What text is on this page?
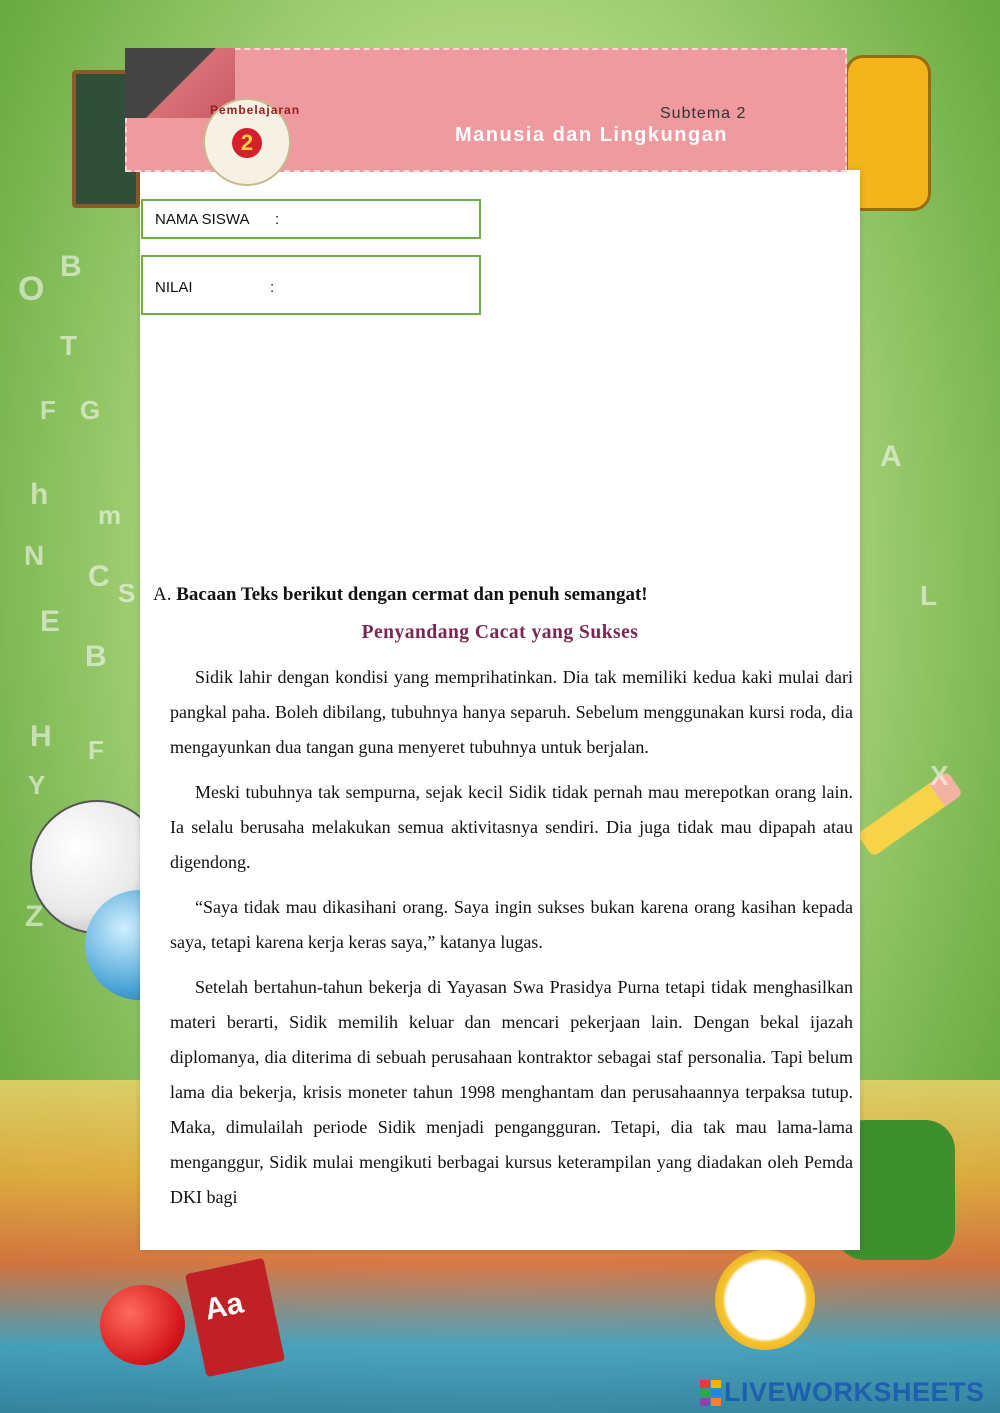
O
B
T
F G
h
m
N
C S
E
B
H F
Y
Z
A
X
L
Aa
Pembelajaran
2
Subtema 2
Manusia dan Lingkungan
NAMA SISWA :
NILAI	:
A. Bacaan Teks berikut dengan cermat dan penuh semangat!
Penyandang Cacat yang Sukses

Sidik lahir dengan kondisi yang memprihatinkan. Dia tak memiliki kedua kaki mulai dari pangkal paha. Boleh dibilang, tubuhnya hanya separuh. Sebelum menggunakan kursi roda, dia mengayunkan dua tangan guna menyeret tubuhnya untuk berjalan.

Meski tubuhnya tak sempurna, sejak kecil Sidik tidak pernah mau merepotkan orang lain. Ia selalu berusaha melakukan semua aktivitasnya sendiri. Dia juga tidak mau dipapah atau digendong.

“Saya tidak mau dikasihani orang. Saya ingin sukses bukan karena orang kasihan kepada saya, tetapi karena kerja keras saya,” katanya lugas.

Setelah bertahun-tahun bekerja di Yayasan Swa Prasidya Purna tetapi tidak menghasilkan materi berarti, Sidik memilih keluar dan mencari pekerjaan lain. Dengan bekal ijazah diplomanya, dia diterima di sebuah perusahaan kontraktor sebagai staf personalia. Tapi belum lama dia bekerja, krisis moneter tahun 1998 menghantam dan perusahaannya terpaksa tutup. Maka, dimulailah periode Sidik menjadi pengangguran. Tetapi, dia tak mau lama-lama menganggur, Sidik mulai mengikuti berbagai kursus keterampilan yang diadakan oleh Pemda DKI bagi

LIVEWORKSHEETS
